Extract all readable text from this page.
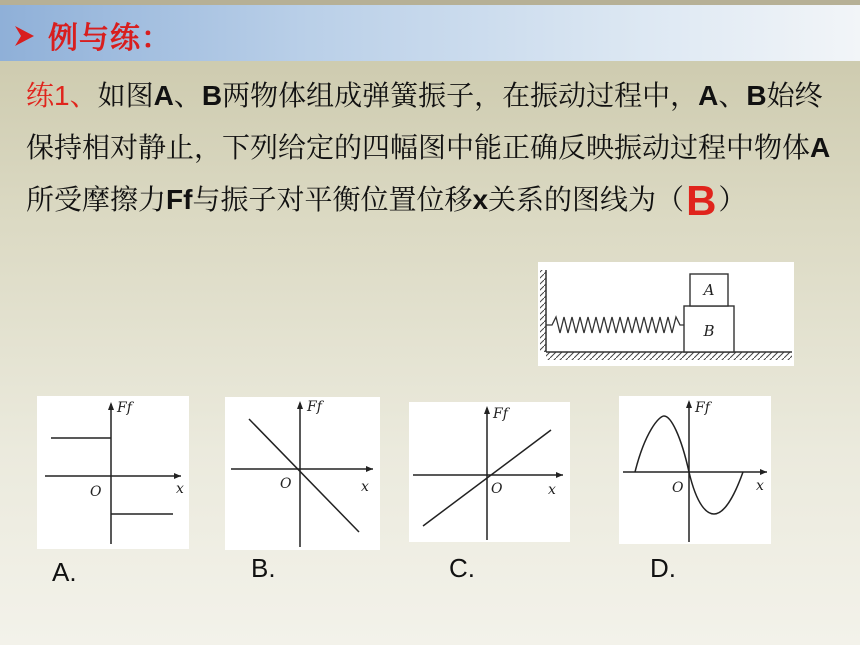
例与练：
练1、如图A、B两物体组成弹簧振子，在振动过程中，A、B始终保持相对静止，下列给定的四幅图中能正确反映振动过程中物体A所受摩擦力Ff与振子对平衡位置位移x关系的图线为（B）
B
A
Ff
x
O
Ff
x
O
Ff
x
O
Ff
x
O
A.	B.	C.	D.
